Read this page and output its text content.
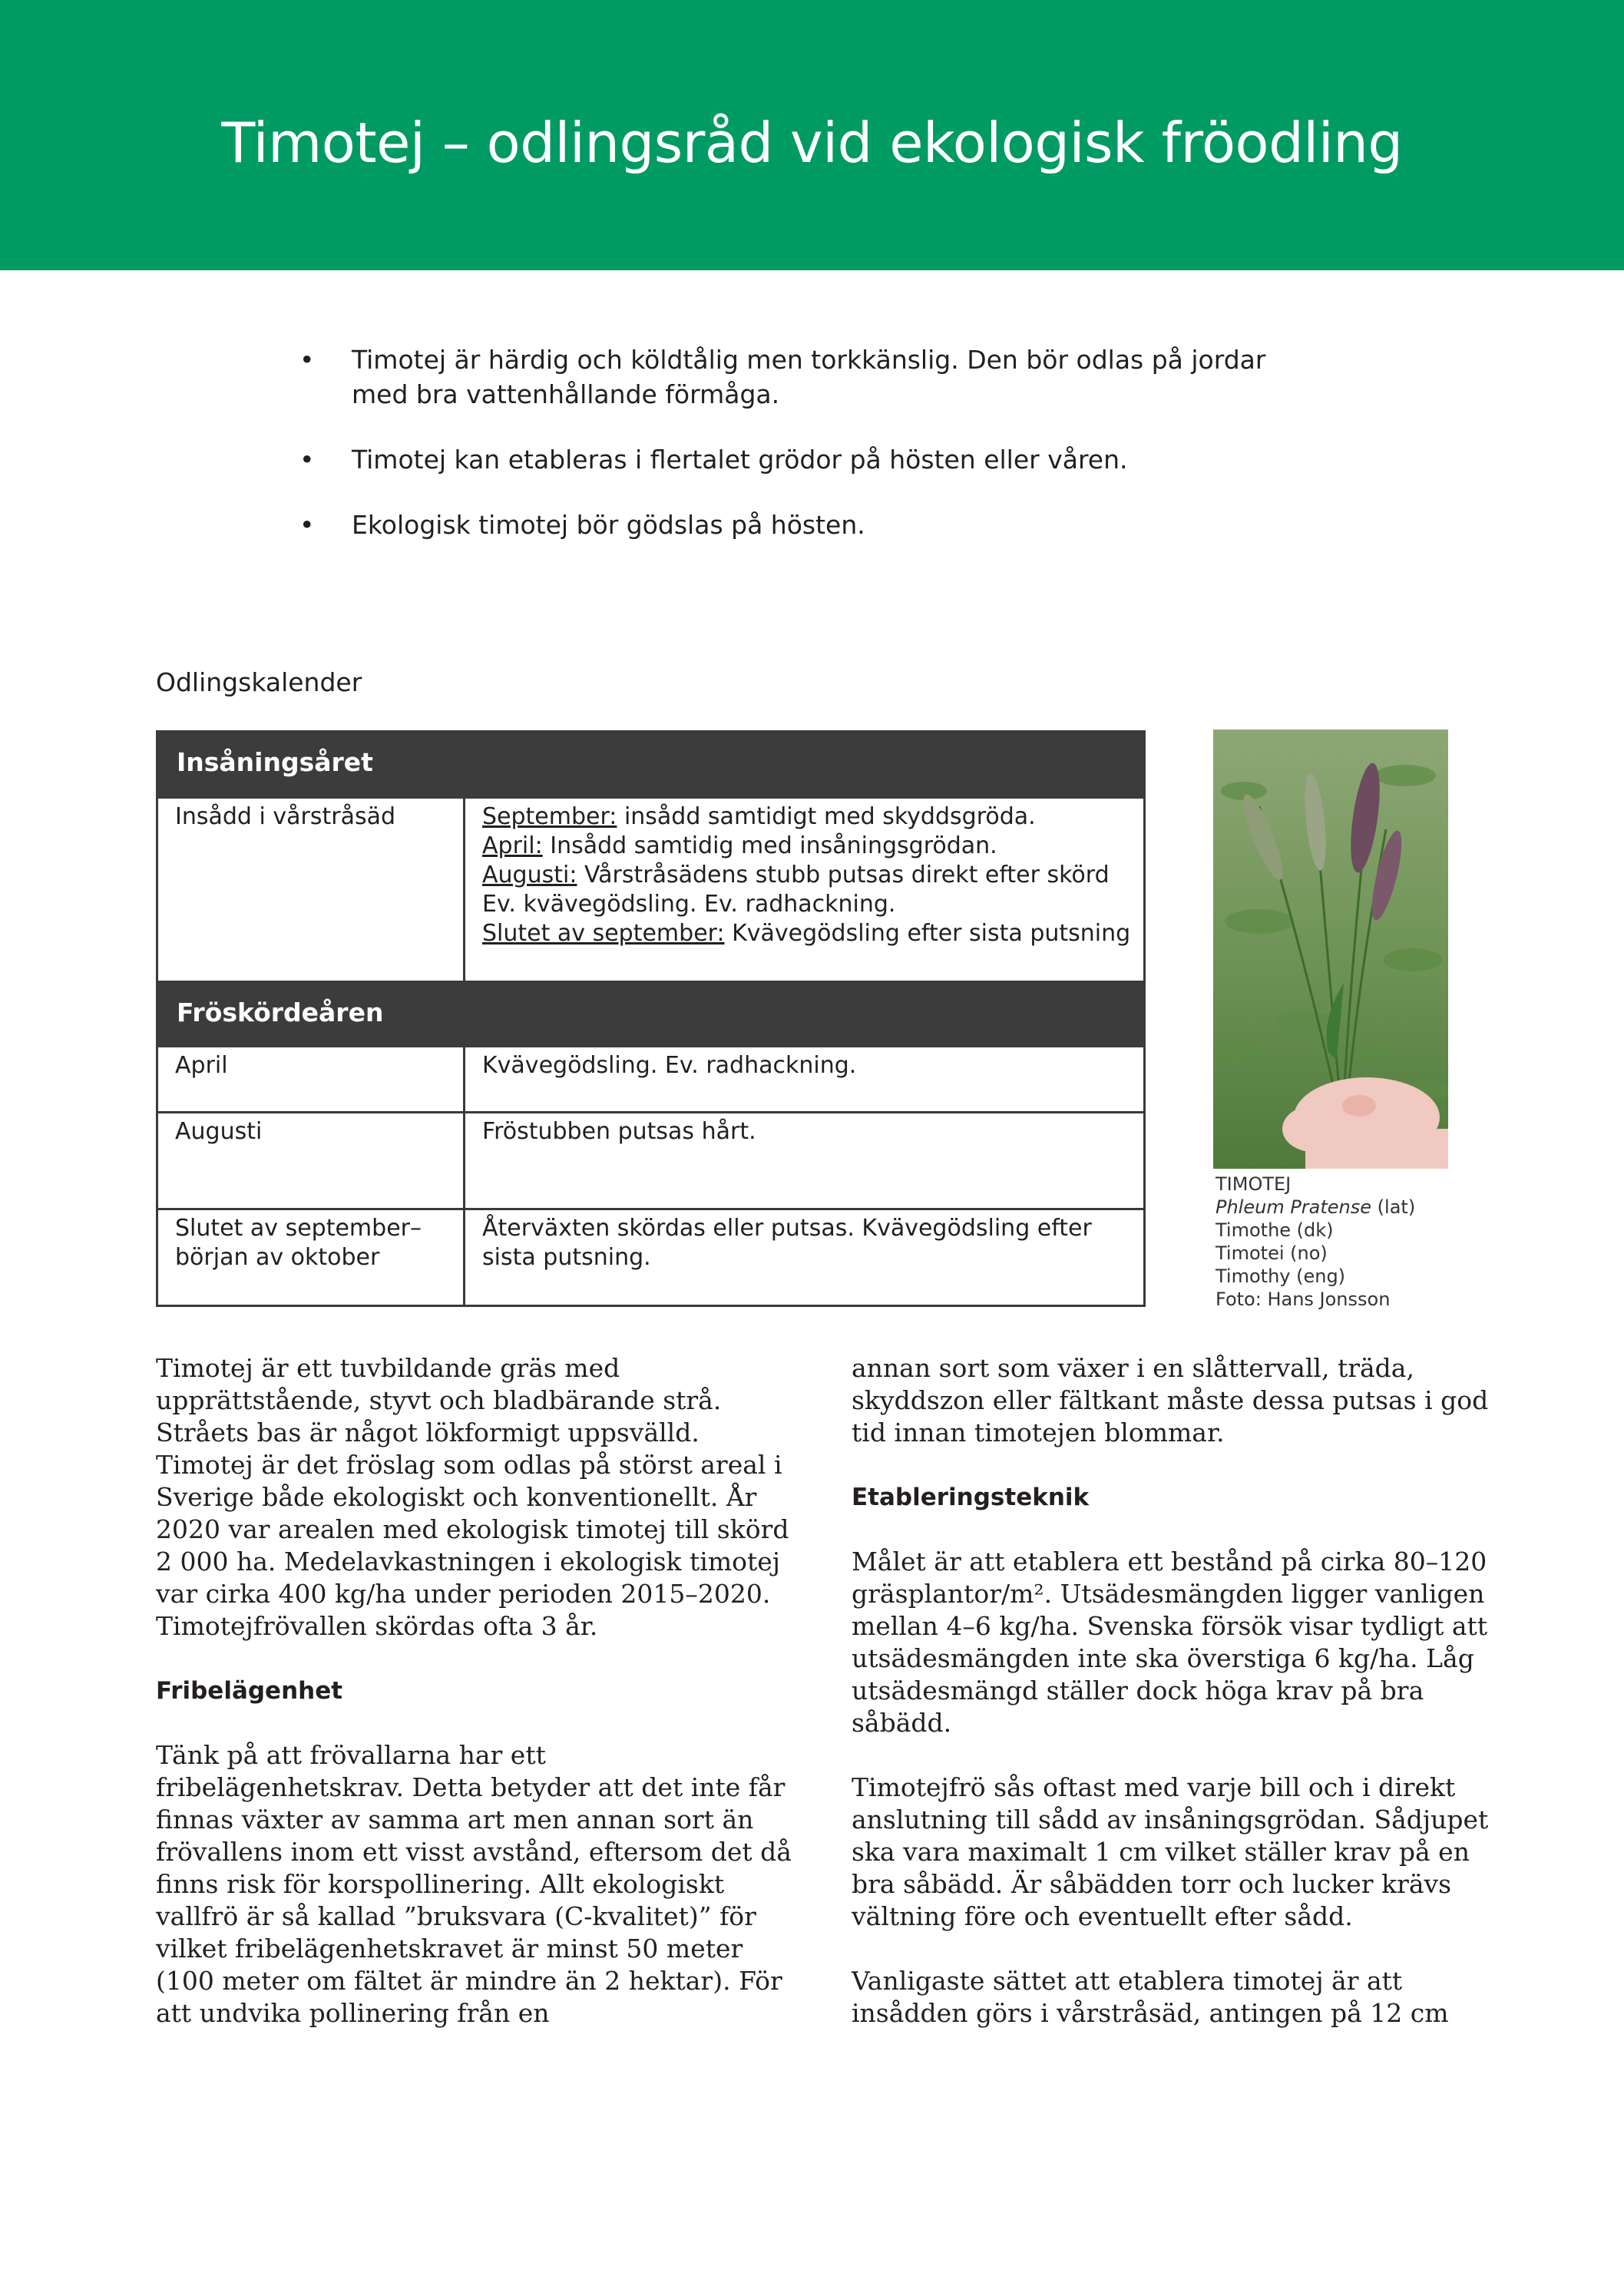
Timotej – odlingsråd vid ekologisk fröodling
• Timotej är härdig och köldtålig men torkkänslig. Den bör odlas på jordar med bra vattenhållande förmåga.
• Timotej kan etableras i flertalet grödor på hösten eller våren.
• Ekologisk timotej bör gödslas på hösten.
Odlingskalender
Insåningsåret	
Insådd i vårstråsäd	September: insådd samtidigt med skyddsgröda.
April: Insådd samtidig med insåningsgrödan.
Augusti: Vårstråsädens stubb putsas direkt efter skörd
Ev. kvävegödsling. Ev. radhackning.
Slutet av september: Kvävegödsling efter sista putsning

Fröskördeåren	
April	Kvävegödsling. Ev. radhackning.
Augusti	Fröstubben putsas hårt.
Slutet av september–början av oktober	Återväxten skördas eller putsas. Kvävegödsling efter sista putsning.
TIMOTEJ
Phleum Pratense (lat)
Timothe (dk)
Timotei (no)
Timothy (eng)
Foto: Hans Jonsson

Timotej är ett tuvbildande gräs med upprättstående, styvt och bladbärande strå. Stråets bas är något lökformigt uppsvälld. Timotej är det fröslag som odlas på störst areal i Sverige både ekologiskt och konventionellt. År 2020 var arealen med ekologisk timotej till skörd 2 000 ha. Medelavkastningen i ekologisk timotej var cirka 400 kg/ha under perioden 2015–2020. Timotejfrövallen skördas ofta 3 år.

Fribelägenhet

Tänk på att frövallarna har ett fribelägenhetskrav. Detta betyder att det inte får finnas växter av samma art men annan sort än frövallens inom ett visst avstånd, eftersom det då finns risk för korspollinering. Allt ekologiskt vallfrö är så kallad ”bruksvara (C-kvalitet)” för vilket fribelägenhetskravet är minst 50 meter (100 meter om fältet är mindre än 2 hektar). För att undvika pollinering från en

annan sort som växer i en slåttervall, träda, skyddszon eller fältkant måste dessa putsas i god tid innan timotejen blommar.

Etableringsteknik

Målet är att etablera ett bestånd på cirka 80–120 gräsplantor/m². Utsädesmängden ligger vanligen mellan 4–6 kg/ha. Svenska försök visar tydligt att utsädesmängden inte ska överstiga 6 kg/ha. Låg utsädesmängd ställer dock höga krav på bra såbädd.

Timotejfrö sås oftast med varje bill och i direkt anslutning till sådd av insåningsgrödan. Sådjupet ska vara maximalt 1 cm vilket ställer krav på en bra såbädd. Är såbädden torr och lucker krävs vältning före och eventuellt efter sådd.

Vanligaste sättet att etablera timotej är att insådden görs i vårstråsäd, antingen på 12 cm
